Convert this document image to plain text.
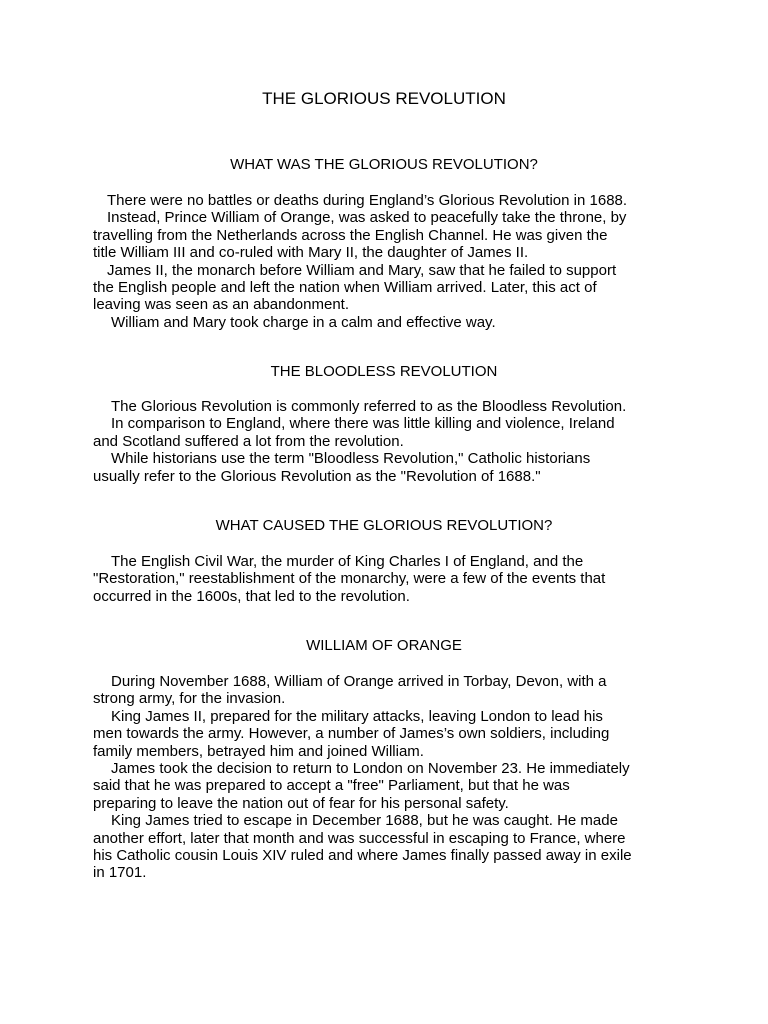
THE GLORIOUS REVOLUTION
WHAT WAS THE GLORIOUS REVOLUTION?
There were no battles or deaths during England’s Glorious Revolution in 1688.
Instead, Prince William of Orange, was asked to peacefully take the throne, by
travelling from the Netherlands across the English Channel. He was given the
title William III and co-ruled with Mary II, the daughter of James II.
James II, the monarch before William and Mary, saw that he failed to support
the English people and left the nation when William arrived. Later, this act of
leaving was seen as an abandonment.
William and Mary took charge in a calm and effective way.
THE BLOODLESS REVOLUTION
The Glorious Revolution is commonly referred to as the Bloodless Revolution.
In comparison to England, where there was little killing and violence, Ireland
and Scotland suffered a lot from the revolution.
While historians use the term "Bloodless Revolution," Catholic historians
usually refer to the Glorious Revolution as the "Revolution of 1688."
WHAT CAUSED THE GLORIOUS REVOLUTION?
The English Civil War, the murder of King Charles I of England, and the
"Restoration," reestablishment of the monarchy, were a few of the events that
occurred in the 1600s, that led to the revolution.
WILLIAM OF ORANGE
During November 1688, William of Orange arrived in Torbay, Devon, with a
strong army, for the invasion.
King James II, prepared for the military attacks, leaving London to lead his
men towards the army. However, a number of James’s own soldiers, including
family members, betrayed him and joined William.
James took the decision to return to London on November 23. He immediately
said that he was prepared to accept a "free" Parliament, but that he was
preparing to leave the nation out of fear for his personal safety.
King James tried to escape in December 1688, but he was caught. He made
another effort, later that month and was successful in escaping to France, where
his Catholic cousin Louis XIV ruled and where James finally passed away in exile
in 1701.
